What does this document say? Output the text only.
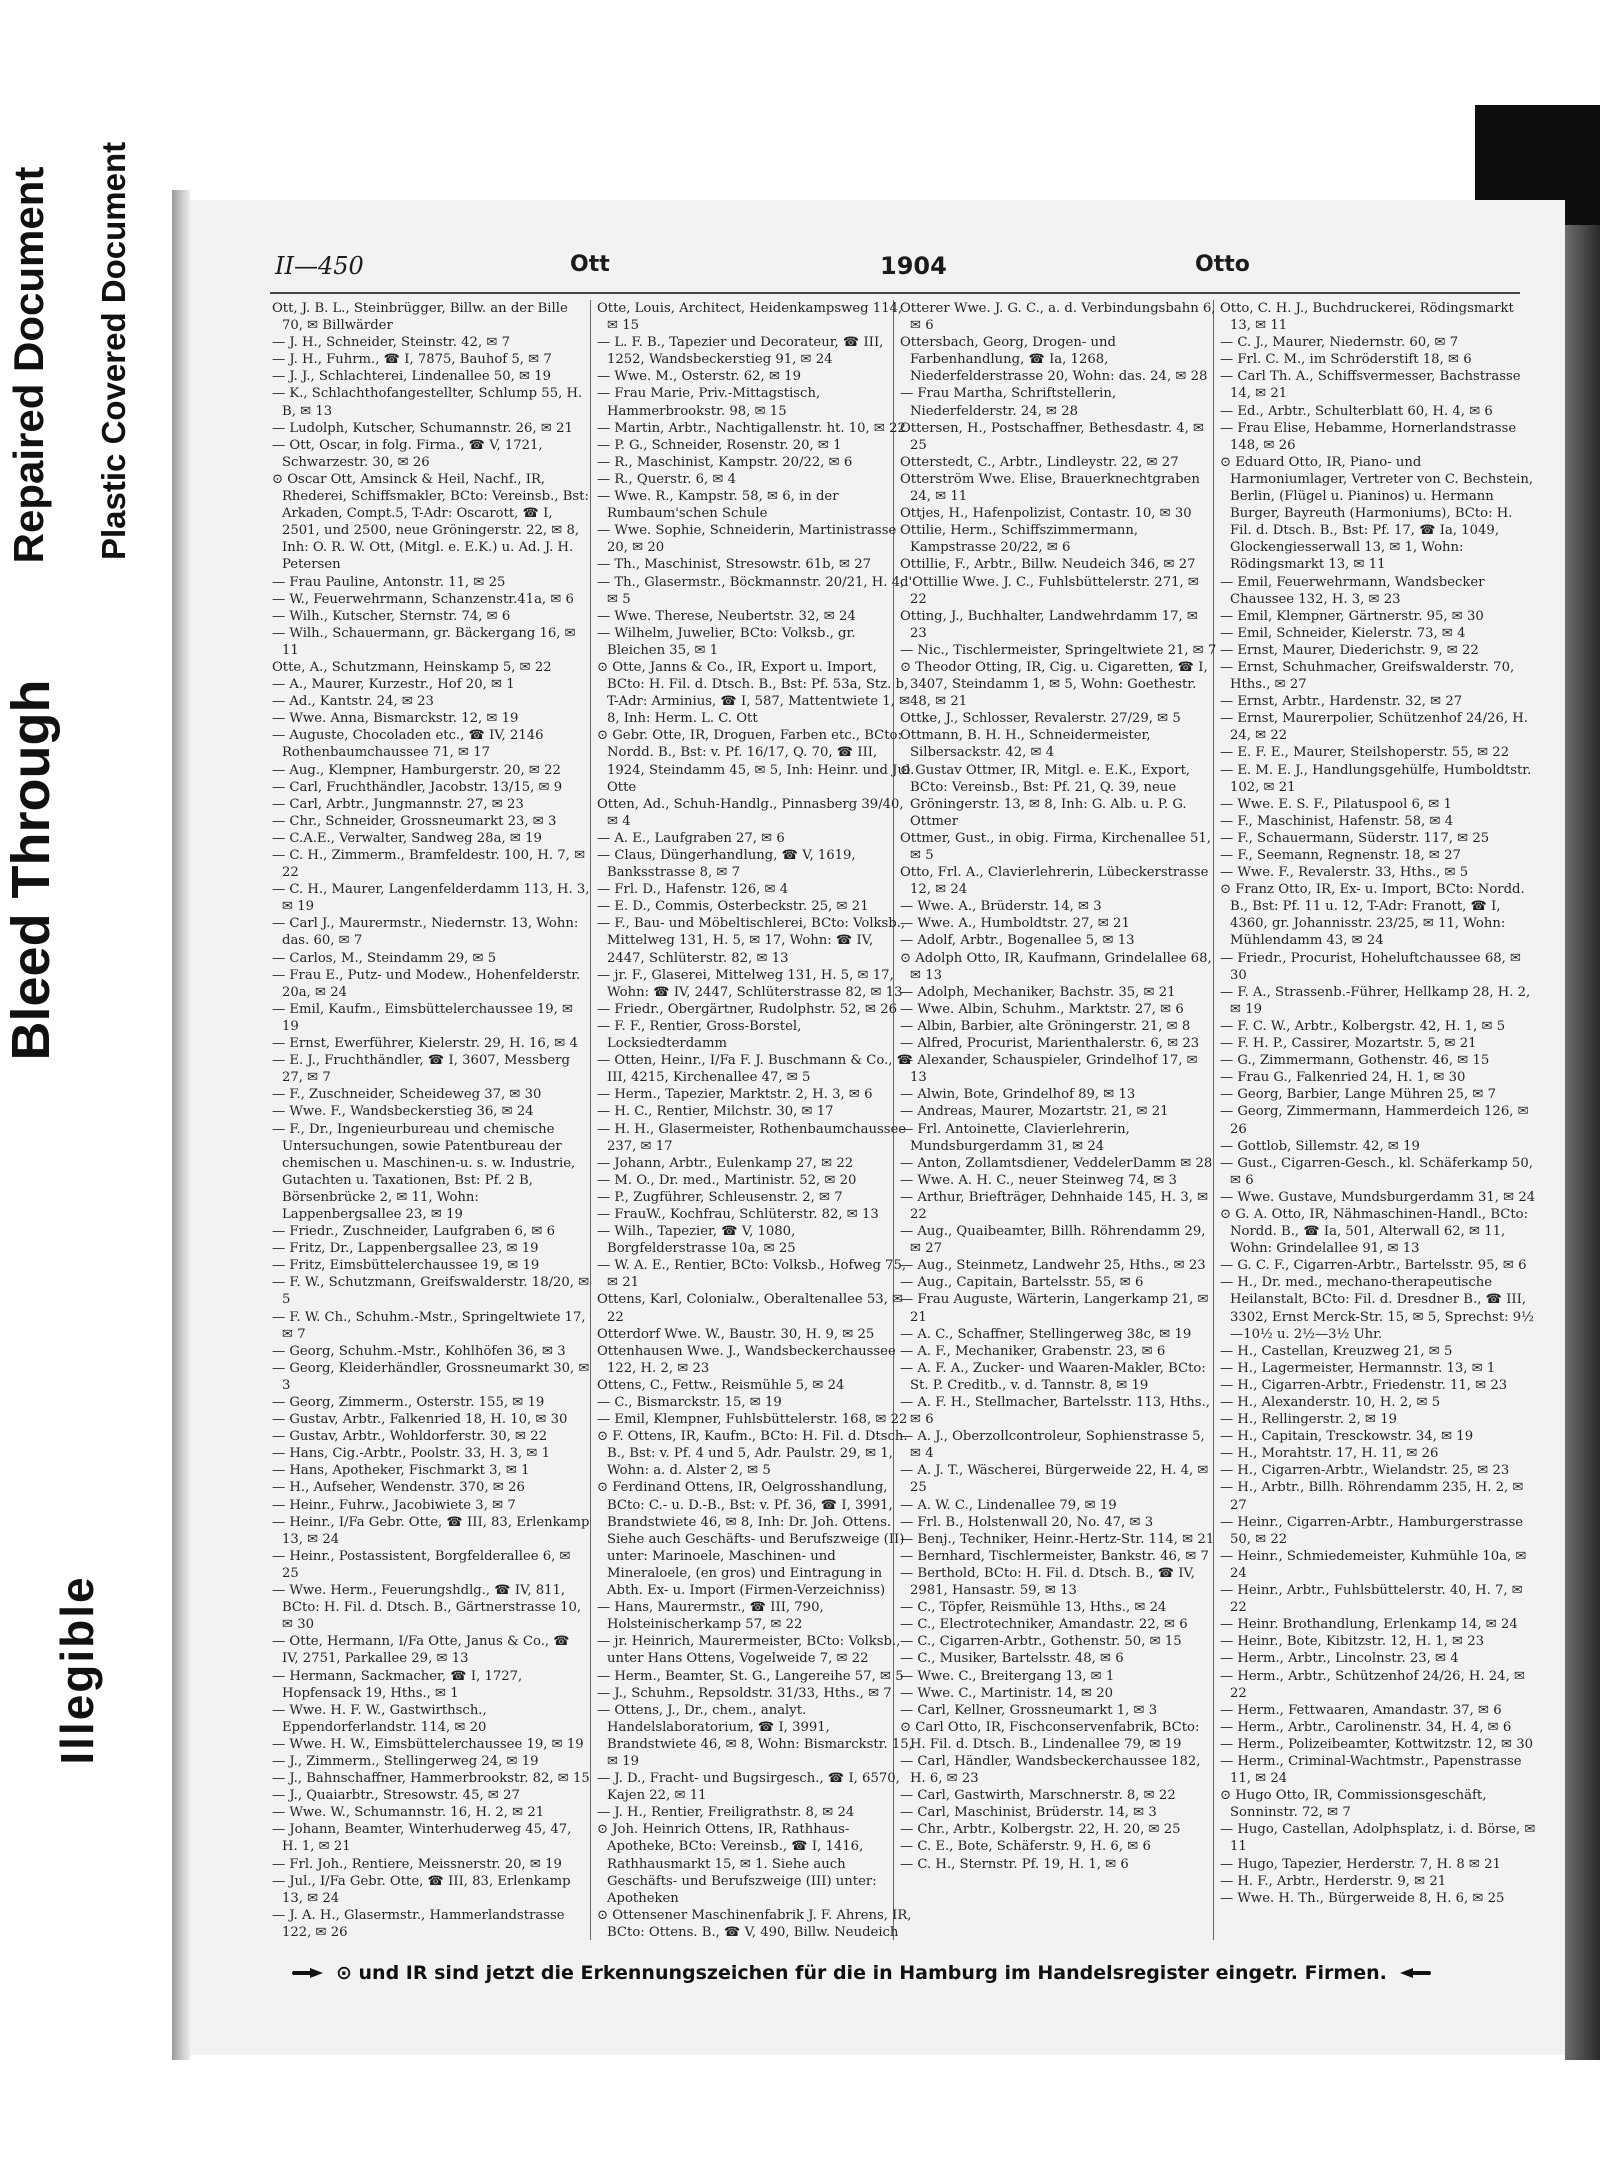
Bleed Through
Repaired Document	Plastic Covered Document
Illegible
II—450	Ott	1904	Otto

Ott, J. B. L., Steinbrügger, Billw. an der Bille 70, ✉ Billwärder

— J. H., Schneider, Steinstr. 42, ✉ 7

— J. H., Fuhrm., ☎ I, 7875, Bauhof 5, ✉ 7

— J. J., Schlachterei, Lindenallee 50, ✉ 19

— K., Schlachthofangestellter, Schlump 55, H. B, ✉ 13

— Ludolph, Kutscher, Schumannstr. 26, ✉ 21

— Ott, Oscar, in folg. Firma., ☎ V, 1721, Schwarzestr. 30, ✉ 26

⊙ Oscar Ott, Amsinck & Heil, Nachf., IR, Rhederei, Schiffsmakler, BCto: Vereinsb., Bst: Arkaden, Compt.5, T-Adr: Oscarott, ☎ I, 2501, und 2500, neue Gröningerstr. 22, ✉ 8, Inh: O. R. W. Ott, (Mitgl. e. E.K.) u. Ad. J. H. Petersen

— Frau Pauline, Antonstr. 11, ✉ 25

— W., Feuerwehrmann, Schanzenstr.41a, ✉ 6

— Wilh., Kutscher, Sternstr. 74, ✉ 6

— Wilh., Schauermann, gr. Bäckergang 16, ✉ 11

Otte, A., Schutzmann, Heinskamp 5, ✉ 22

— A., Maurer, Kurzestr., Hof 20, ✉ 1

— Ad., Kantstr. 24, ✉ 23

— Wwe. Anna, Bismarckstr. 12, ✉ 19

— Auguste, Chocoladen etc., ☎ IV, 2146 Rothenbaumchaussee 71, ✉ 17

— Aug., Klempner, Hamburgerstr. 20, ✉ 22

— Carl, Fruchthändler, Jacobstr. 13/15, ✉ 9

— Carl, Arbtr., Jungmannstr. 27, ✉ 23

— Chr., Schneider, Grossneumarkt 23, ✉ 3

— C.A.E., Verwalter, Sandweg 28a, ✉ 19

— C. H., Zimmerm., Bramfeldestr. 100, H. 7, ✉ 22

— C. H., Maurer, Langenfelderdamm 113, H. 3, ✉ 19

— Carl J., Maurermstr., Niedernstr. 13, Wohn: das. 60, ✉ 7

— Carlos, M., Steindamm 29, ✉ 5

— Frau E., Putz- und Modew., Hohenfelderstr. 20a, ✉ 24

— Emil, Kaufm., Eimsbüttelerchaussee 19, ✉ 19

— Ernst, Ewerführer, Kielerstr. 29, H. 16, ✉ 4

— E. J., Fruchthändler, ☎ I, 3607, Messberg 27, ✉ 7

— F., Zuschneider, Scheideweg 37, ✉ 30

— Wwe. F., Wandsbeckerstieg 36, ✉ 24

— F., Dr., Ingenieurbureau und chemische Untersuchungen, sowie Patentbureau der chemischen u. Maschinen-u. s. w. Industrie, Gutachten u. Taxationen, Bst: Pf. 2 B, Börsenbrücke 2, ✉ 11, Wohn: Lappenbergsallee 23, ✉ 19

— Friedr., Zuschneider, Laufgraben 6, ✉ 6

— Fritz, Dr., Lappenbergsallee 23, ✉ 19

— Fritz, Eimsbüttelerchaussee 19, ✉ 19

— F. W., Schutzmann, Greifswalderstr. 18/20, ✉ 5

— F. W. Ch., Schuhm.-Mstr., Springeltwiete 17, ✉ 7

— Georg, Schuhm.-Mstr., Kohlhöfen 36, ✉ 3

— Georg, Kleiderhändler, Grossneumarkt 30, ✉ 3

— Georg, Zimmerm., Osterstr. 155, ✉ 19

— Gustav, Arbtr., Falkenried 18, H. 10, ✉ 30

— Gustav, Arbtr., Wohldorferstr. 30, ✉ 22

— Hans, Cig.-Arbtr., Poolstr. 33, H. 3, ✉ 1

— Hans, Apotheker, Fischmarkt 3, ✉ 1

— H., Aufseher, Wendenstr. 370, ✉ 26

— Heinr., Fuhrw., Jacobiwiete 3, ✉ 7

— Heinr., I/Fa Gebr. Otte, ☎ III, 83, Erlenkamp 13, ✉ 24

— Heinr., Postassistent, Borgfelderallee 6, ✉ 25

— Wwe. Herm., Feuerungshdlg., ☎ IV, 811, BCto: H. Fil. d. Dtsch. B., Gärtnerstrasse 10, ✉ 30

— Otte, Hermann, I/Fa Otte, Janus & Co., ☎ IV, 2751, Parkallee 29, ✉ 13

— Hermann, Sackmacher, ☎ I, 1727, Hopfensack 19, Hths., ✉ 1

— Wwe. H. F. W., Gastwirthsch., Eppendorferlandstr. 114, ✉ 20

— Wwe. H. W., Eimsbüttelerchaussee 19, ✉ 19

— J., Zimmerm., Stellingerweg 24, ✉ 19

— J., Bahnschaffner, Hammerbrookstr. 82, ✉ 15

— J., Quaiarbtr., Stresowstr. 45, ✉ 27

— Wwe. W., Schumannstr. 16, H. 2, ✉ 21

— Johann, Beamter, Winterhuderweg 45, 47, H. 1, ✉ 21

— Frl. Joh., Rentiere, Meissnerstr. 20, ✉ 19

— Jul., I/Fa Gebr. Otte, ☎ III, 83, Erlenkamp 13, ✉ 24

— J. A. H., Glasermstr., Hammerlandstrasse 122, ✉ 26

Otte, Louis, Architect, Heidenkampsweg 114, ✉ 15

— L. F. B., Tapezier und Decorateur, ☎ III, 1252, Wandsbeckerstieg 91, ✉ 24

— Wwe. M., Osterstr. 62, ✉ 19

— Frau Marie, Priv.-Mittagstisch, Hammerbrookstr. 98, ✉ 15

— Martin, Arbtr., Nachtigallenstr. ht. 10, ✉ 22

— P. G., Schneider, Rosenstr. 20, ✉ 1

— R., Maschinist, Kampstr. 20/22, ✉ 6

— R., Querstr. 6, ✉ 4

— Wwe. R., Kampstr. 58, ✉ 6, in der Rumbaum'schen Schule

— Wwe. Sophie, Schneiderin, Martinistrasse 20, ✉ 20

— Th., Maschinist, Stresowstr. 61b, ✉ 27

— Th., Glasermstr., Böckmannstr. 20/21, H. 4, ✉ 5

— Wwe. Therese, Neubertstr. 32, ✉ 24

— Wilhelm, Juwelier, BCto: Volksb., gr. Bleichen 35, ✉ 1

⊙ Otte, Janns & Co., IR, Export u. Import, BCto: H. Fil. d. Dtsch. B., Bst: Pf. 53a, Stz. b, T-Adr: Arminius, ☎ I, 587, Mattentwiete 1, ✉ 8, Inh: Herm. L. C. Ott

⊙ Gebr. Otte, IR, Droguen, Farben etc., BCto: Nordd. B., Bst: v. Pf. 16/17, Q. 70, ☎ III, 1924, Steindamm 45, ✉ 5, Inh: Heinr. und Jul. Otte

Otten, Ad., Schuh-Handlg., Pinnasberg 39/40, ✉ 4

— A. E., Laufgraben 27, ✉ 6

— Claus, Düngerhandlung, ☎ V, 1619, Banksstrasse 8, ✉ 7

— Frl. D., Hafenstr. 126, ✉ 4

— E. D., Commis, Osterbeckstr. 25, ✉ 21

— F., Bau- und Möbeltischlerei, BCto: Volksb., Mittelweg 131, H. 5, ✉ 17, Wohn: ☎ IV, 2447, Schlüterstr. 82, ✉ 13

— jr. F., Glaserei, Mittelweg 131, H. 5, ✉ 17, Wohn: ☎ IV, 2447, Schlüterstrasse 82, ✉ 13

— Friedr., Obergärtner, Rudolphstr. 52, ✉ 26

— F. F., Rentier, Gross-Borstel, Locksiedterdamm

— Otten, Heinr., I/Fa F. J. Buschmann & Co., ☎ III, 4215, Kirchenallee 47, ✉ 5

— Herm., Tapezier, Marktstr. 2, H. 3, ✉ 6

— H. C., Rentier, Milchstr. 30, ✉ 17

— H. H., Glasermeister, Rothenbaumchaussee 237, ✉ 17

— Johann, Arbtr., Eulenkamp 27, ✉ 22

— M. O., Dr. med., Martinistr. 52, ✉ 20

— P., Zugführer, Schleusenstr. 2, ✉ 7

— FrauW., Kochfrau, Schlüterstr. 82, ✉ 13

— Wilh., Tapezier, ☎ V, 1080, Borgfelderstrasse 10a, ✉ 25

— W. A. E., Rentier, BCto: Volksb., Hofweg 75, ✉ 21

Ottens, Karl, Colonialw., Oberaltenallee 53, ✉ 22

Otterdorf Wwe. W., Baustr. 30, H. 9, ✉ 25

Ottenhausen Wwe. J., Wandsbeckerchaussee 122, H. 2, ✉ 23

Ottens, C., Fettw., Reismühle 5, ✉ 24

— C., Bismarckstr. 15, ✉ 19

— Emil, Klempner, Fuhlsbüttelerstr. 168, ✉ 22

⊙ F. Ottens, IR, Kaufm., BCto: H. Fil. d. Dtsch. B., Bst: v. Pf. 4 und 5, Adr. Paulstr. 29, ✉ 1, Wohn: a. d. Alster 2, ✉ 5

⊙ Ferdinand Ottens, IR, Oelgrosshandlung, BCto: C.- u. D.-B., Bst: v. Pf. 36, ☎ I, 3991, Brandstwiete 46, ✉ 8, Inh: Dr. Joh. Ottens. Siehe auch Geschäfts- und Berufszweige (II) unter: Marinoele, Maschinen- und Mineraloele, (en gros) und Eintragung in Abth. Ex- u. Import (Firmen-Verzeichniss)

— Hans, Maurermstr., ☎ III, 790, Holsteinischerkamp 57, ✉ 22

— jr. Heinrich, Maurermeister, BCto: Volksb., unter Hans Ottens, Vogelweide 7, ✉ 22

— Herm., Beamter, St. G., Langereihe 57, ✉ 5

— J., Schuhm., Repsoldstr. 31/33, Hths., ✉ 7

— Ottens, J., Dr., chem., analyt. Handelslaboratorium, ☎ I, 3991, Brandstwiete 46, ✉ 8, Wohn: Bismarckstr. 15, ✉ 19

— J. D., Fracht- und Bugsirgesch., ☎ I, 6570, Kajen 22, ✉ 11

— J. H., Rentier, Freiligrathstr. 8, ✉ 24

⊙ Joh. Heinrich Ottens, IR, Rathhaus-Apotheke, BCto: Vereinsb., ☎ I, 1416, Rathhausmarkt 15, ✉ 1. Siehe auch Geschäfts- und Berufszweige (III) unter: Apotheken

⊙ Ottensener Maschinenfabrik J. F. Ahrens, IR, BCto: Ottens. B., ☎ V, 490, Billw. Neudeich

Otterer Wwe. J. G. C., a. d. Verbindungsbahn 6, ✉ 6

Ottersbach, Georg, Drogen- und Farbenhandlung, ☎ Ia, 1268, Niederfelderstrasse 20, Wohn: das. 24, ✉ 28

— Frau Martha, Schriftstellerin, Niederfelderstr. 24, ✉ 28

Ottersen, H., Postschaffner, Bethesdastr. 4, ✉ 25

Otterstedt, C., Arbtr., Lindleystr. 22, ✉ 27

Otterström Wwe. Elise, Brauerknechtgraben 24, ✉ 11

Ottjes, H., Hafenpolizist, Contastr. 10, ✉ 30

Ottilie, Herm., Schiffszimmermann, Kampstrasse 20/22, ✉ 6

Ottillie, F., Arbtr., Billw. Neudeich 346, ✉ 27

d'Ottillie Wwe. J. C., Fuhlsbüttelerstr. 271, ✉ 22

Otting, J., Buchhalter, Landwehrdamm 17, ✉ 23

— Nic., Tischlermeister, Springeltwiete 21, ✉ 7

⊙ Theodor Otting, IR, Cig. u. Cigaretten, ☎ I, 3407, Steindamm 1, ✉ 5, Wohn: Goethestr. 48, ✉ 21

Ottke, J., Schlosser, Revalerstr. 27/29, ✉ 5

Ottmann, B. H. H., Schneidermeister, Silbersackstr. 42, ✉ 4

⊙ Gustav Ottmer, IR, Mitgl. e. E.K., Export, BCto: Vereinsb., Bst: Pf. 21, Q. 39, neue Gröningerstr. 13, ✉ 8, Inh: G. Alb. u. P. G. Ottmer

Ottmer, Gust., in obig. Firma, Kirchenallee 51, ✉ 5

Otto, Frl. A., Clavierlehrerin, Lübeckerstrasse 12, ✉ 24

— Wwe. A., Brüderstr. 14, ✉ 3

— Wwe. A., Humboldtstr. 27, ✉ 21

— Adolf, Arbtr., Bogenallee 5, ✉ 13

⊙ Adolph Otto, IR, Kaufmann, Grindelallee 68, ✉ 13

— Adolph, Mechaniker, Bachstr. 35, ✉ 21

— Wwe. Albin, Schuhm., Marktstr. 27, ✉ 6

— Albin, Barbier, alte Gröningerstr. 21, ✉ 8

— Alfred, Procurist, Marienthalerstr. 6, ✉ 23

— Alexander, Schauspieler, Grindelhof 17, ✉ 13

— Alwin, Bote, Grindelhof 89, ✉ 13

— Andreas, Maurer, Mozartstr. 21, ✉ 21

— Frl. Antoinette, Clavierlehrerin, Mundsburgerdamm 31, ✉ 24

— Anton, Zollamtsdiener, VeddelerDamm ✉ 28

— Wwe. A. H. C., neuer Steinweg 74, ✉ 3

— Arthur, Briefträger, Dehnhaide 145, H. 3, ✉ 22

— Aug., Quaibeamter, Billh. Röhrendamm 29, ✉ 27

— Aug., Steinmetz, Landwehr 25, Hths., ✉ 23

— Aug., Capitain, Bartelsstr. 55, ✉ 6

— Frau Auguste, Wärterin, Langerkamp 21, ✉ 21

— A. C., Schaffner, Stellingerweg 38c, ✉ 19

— A. F., Mechaniker, Grabenstr. 23, ✉ 6

— A. F. A., Zucker- und Waaren-Makler, BCto: St. P. Creditb., v. d. Tannstr. 8, ✉ 19

— A. F. H., Stellmacher, Bartelsstr. 113, Hths., ✉ 6

— A. J., Oberzollcontroleur, Sophienstrasse 5, ✉ 4

— A. J. T., Wäscherei, Bürgerweide 22, H. 4, ✉ 25

— A. W. C., Lindenallee 79, ✉ 19

— Frl. B., Holstenwall 20, No. 47, ✉ 3

— Benj., Techniker, Heinr.-Hertz-Str. 114, ✉ 21

— Bernhard, Tischlermeister, Bankstr. 46, ✉ 7

— Berthold, BCto: H. Fil. d. Dtsch. B., ☎ IV, 2981, Hansastr. 59, ✉ 13

— C., Töpfer, Reismühle 13, Hths., ✉ 24

— C., Electrotechniker, Amandastr. 22, ✉ 6

— C., Cigarren-Arbtr., Gothenstr. 50, ✉ 15

— C., Musiker, Bartelsstr. 48, ✉ 6

— Wwe. C., Breitergang 13, ✉ 1

— Wwe. C., Martinistr. 14, ✉ 20

— Carl, Kellner, Grossneumarkt 1, ✉ 3

⊙ Carl Otto, IR, Fischconservenfabrik, BCto: H. Fil. d. Dtsch. B., Lindenallee 79, ✉ 19

— Carl, Händler, Wandsbeckerchaussee 182, H. 6, ✉ 23

— Carl, Gastwirth, Marschnerstr. 8, ✉ 22

— Carl, Maschinist, Brüderstr. 14, ✉ 3

— Chr., Arbtr., Kolbergstr. 22, H. 20, ✉ 25

— C. E., Bote, Schäferstr. 9, H. 6, ✉ 6

— C. H., Sternstr. Pf. 19, H. 1, ✉ 6

Otto, C. H. J., Buchdruckerei, Rödingsmarkt 13, ✉ 11

— C. J., Maurer, Niedernstr. 60, ✉ 7

— Frl. C. M., im Schröderstift 18, ✉ 6

— Carl Th. A., Schiffsvermesser, Bachstrasse 14, ✉ 21

— Ed., Arbtr., Schulterblatt 60, H. 4, ✉ 6

— Frau Elise, Hebamme, Hornerlandstrasse 148, ✉ 26

⊙ Eduard Otto, IR, Piano- und Harmoniumlager, Vertreter von C. Bechstein, Berlin, (Flügel u. Pianinos) u. Hermann Burger, Bayreuth (Harmoniums), BCto: H. Fil. d. Dtsch. B., Bst: Pf. 17, ☎ Ia, 1049, Glockengiesserwall 13, ✉ 1, Wohn: Rödingsmarkt 13, ✉ 11

— Emil, Feuerwehrmann, Wandsbecker Chaussee 132, H. 3, ✉ 23

— Emil, Klempner, Gärtnerstr. 95, ✉ 30

— Emil, Schneider, Kielerstr. 73, ✉ 4

— Ernst, Maurer, Diederichstr. 9, ✉ 22

— Ernst, Schuhmacher, Greifswalderstr. 70, Hths., ✉ 27

— Ernst, Arbtr., Hardenstr. 32, ✉ 27

— Ernst, Maurerpolier, Schützenhof 24/26, H. 24, ✉ 22

— E. F. E., Maurer, Steilshoperstr. 55, ✉ 22

— E. M. E. J., Handlungsgehülfe, Humboldtstr. 102, ✉ 21

— Wwe. E. S. F., Pilatuspool 6, ✉ 1

— F., Maschinist, Hafenstr. 58, ✉ 4

— F., Schauermann, Süderstr. 117, ✉ 25

— F., Seemann, Regnenstr. 18, ✉ 27

— Wwe. F., Revalerstr. 33, Hths., ✉ 5

⊙ Franz Otto, IR, Ex- u. Import, BCto: Nordd. B., Bst: Pf. 11 u. 12, T-Adr: Franott, ☎ I, 4360, gr. Johannisstr. 23/25, ✉ 11, Wohn: Mühlendamm 43, ✉ 24

— Friedr., Procurist, Hoheluftchaussee 68, ✉ 30

— F. A., Strassenb.-Führer, Hellkamp 28, H. 2, ✉ 19

— F. C. W., Arbtr., Kolbergstr. 42, H. 1, ✉ 5

— F. H. P., Cassirer, Mozartstr. 5, ✉ 21

— G., Zimmermann, Gothenstr. 46, ✉ 15

— Frau G., Falkenried 24, H. 1, ✉ 30

— Georg, Barbier, Lange Mühren 25, ✉ 7

— Georg, Zimmermann, Hammerdeich 126, ✉ 26

— Gottlob, Sillemstr. 42, ✉ 19

— Gust., Cigarren-Gesch., kl. Schäferkamp 50, ✉ 6

— Wwe. Gustave, Mundsburgerdamm 31, ✉ 24

⊙ G. A. Otto, IR, Nähmaschinen-Handl., BCto: Nordd. B., ☎ Ia, 501, Alterwall 62, ✉ 11, Wohn: Grindelallee 91, ✉ 13

— G. C. F., Cigarren-Arbtr., Bartelsstr. 95, ✉ 6

— H., Dr. med., mechano-therapeutische Heilanstalt, BCto: Fil. d. Dresdner B., ☎ III, 3302, Ernst Merck-Str. 15, ✉ 5, Sprechst: 9½—10½ u. 2½—3½ Uhr.

— H., Castellan, Kreuzweg 21, ✉ 5

— H., Lagermeister, Hermannstr. 13, ✉ 1

— H., Cigarren-Arbtr., Friedenstr. 11, ✉ 23

— H., Alexanderstr. 10, H. 2, ✉ 5

— H., Rellingerstr. 2, ✉ 19

— H., Capitain, Tresckowstr. 34, ✉ 19

— H., Morahtstr. 17, H. 11, ✉ 26

— H., Cigarren-Arbtr., Wielandstr. 25, ✉ 23

— H., Arbtr., Billh. Röhrendamm 235, H. 2, ✉ 27

— Heinr., Cigarren-Arbtr., Hamburgerstrasse 50, ✉ 22

— Heinr., Schmiedemeister, Kuhmühle 10a, ✉ 24

— Heinr., Arbtr., Fuhlsbüttelerstr. 40, H. 7, ✉ 22

— Heinr. Brothandlung, Erlenkamp 14, ✉ 24

— Heinr., Bote, Kibitzstr. 12, H. 1, ✉ 23

— Herm., Arbtr., Lincolnstr. 23, ✉ 4

— Herm., Arbtr., Schützenhof 24/26, H. 24, ✉ 22

— Herm., Fettwaaren, Amandastr. 37, ✉ 6

— Herm., Arbtr., Carolinenstr. 34, H. 4, ✉ 6

— Herm., Polizeibeamter, Kottwitzstr. 12, ✉ 30

— Herm., Criminal-Wachtmstr., Papenstrasse 11, ✉ 24

⊙ Hugo Otto, IR, Commissionsgeschäft, Sonninstr. 72, ✉ 7

— Hugo, Castellan, Adolphsplatz, i. d. Börse, ✉ 11

— Hugo, Tapezier, Herderstr. 7, H. 8 ✉ 21

— H. F., Arbtr., Herderstr. 9, ✉ 21

— Wwe. H. Th., Bürgerweide 8, H. 6, ✉ 25

⊙ und IR sind jetzt die Erkennungszeichen für die in Hamburg im Handelsregister eingetr. Firmen.
